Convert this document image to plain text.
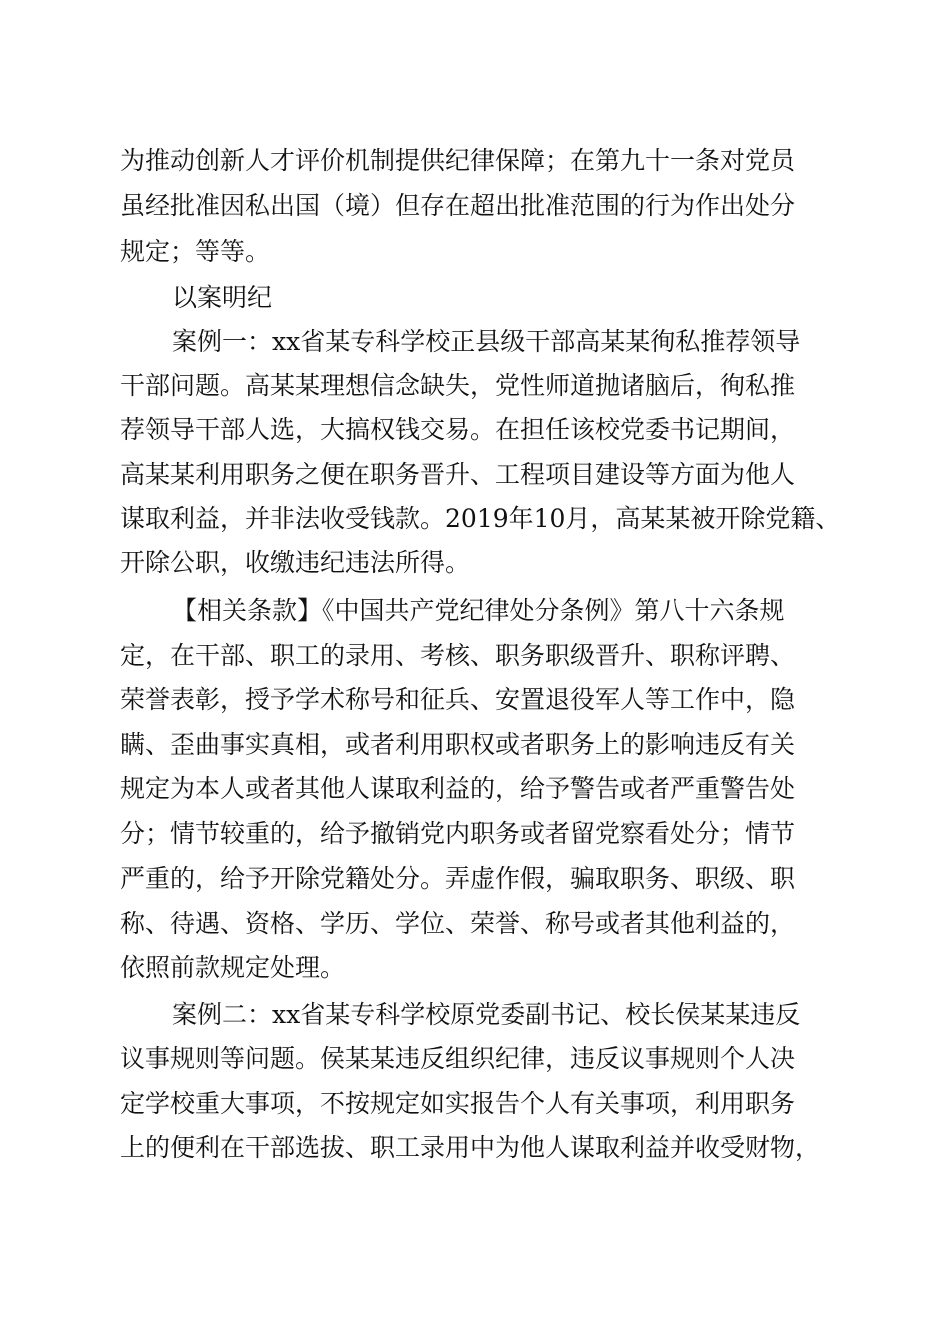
为推动创新人才评价机制提供纪律保障；在第九十一条对党员
虽经批准因私出国（境）但存在超出批准范围的行为作出处分
规定；等等。
以案明纪
案例一：xx省某专科学校正县级干部高某某徇私推荐领导
干部问题。高某某理想信念缺失，党性师道抛诸脑后，徇私推
荐领导干部人选，大搞权钱交易。在担任该校党委书记期间，
高某某利用职务之便在职务晋升、工程项目建设等方面为他人
谋取利益，并非法收受钱款。2019年10月，高某某被开除党籍、
开除公职，收缴违纪违法所得。
【相关条款】《中国共产党纪律处分条例》第八十六条规
定，在干部、职工的录用、考核、职务职级晋升、职称评聘、
荣誉表彰，授予学术称号和征兵、安置退役军人等工作中，隐
瞒、歪曲事实真相，或者利用职权或者职务上的影响违反有关
规定为本人或者其他人谋取利益的，给予警告或者严重警告处
分；情节较重的，给予撤销党内职务或者留党察看处分；情节
严重的，给予开除党籍处分。弄虚作假，骗取职务、职级、职
称、待遇、资格、学历、学位、荣誉、称号或者其他利益的，
依照前款规定处理。
案例二：xx省某专科学校原党委副书记、校长侯某某违反
议事规则等问题。侯某某违反组织纪律，违反议事规则个人决
定学校重大事项，不按规定如实报告个人有关事项，利用职务
上的便利在干部选拔、职工录用中为他人谋取利益并收受财物，
